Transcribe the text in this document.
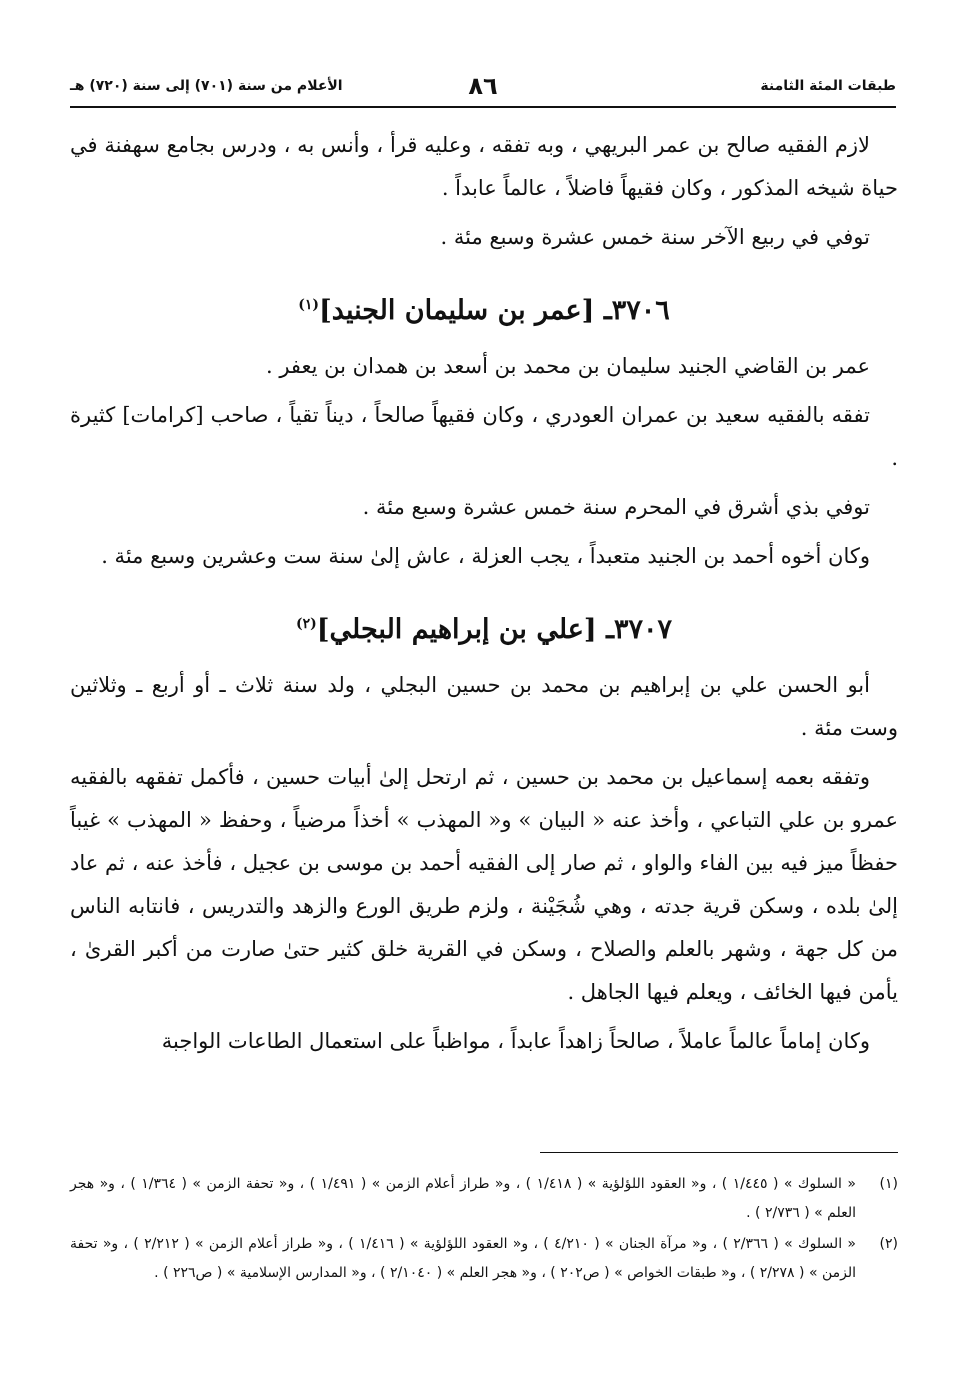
طبقات المئة الثامنة
٨٦
الأعلام من سنة (٧٠١) إلى سنة (٧٢٠) هـ

لازم الفقيه صالح بن عمر البريهي ، وبه تفقه ، وعليه قرأ ، وأنس به ، ودرس بجامع سهفنة في حياة شيخه المذكور ، وكان فقيهاً فاضلاً ، عالماً عابداً .

توفي في ربيع الآخر سنة خمس عشرة وسبع مئة .

٣٧٠٦ـ [عمر بن سليمان الجنيد]$^{(١)}$

عمر بن القاضي الجنيد سليمان بن محمد بن أسعد بن همدان بن يعفر .

تفقه بالفقيه سعيد بن عمران العودري ، وكان فقيهاً صالحاً ، ديناً تقياً ، صاحب [كرامات] كثيرة .

توفي بذي أشرق في المحرم سنة خمس عشرة وسبع مئة .

وكان أخوه أحمد بن الجنيد متعبداً ، يجب العزلة ، عاش إلىٰ سنة ست وعشرين وسبع مئة .

٣٧٠٧ـ [علي بن إبراهيم البجلي]$^{(٢)}$

أبو الحسن علي بن إبراهيم بن محمد بن حسين البجلي ، ولد سنة ثلاث ـ أو أربع ـ وثلاثين وست مئة .

وتفقه بعمه إسماعيل بن محمد بن حسين ، ثم ارتحل إلىٰ أبيات حسين ، فأكمل تفقهه بالفقيه عمرو بن علي التباعي ، وأخذ عنه « البيان » و« المهذب » أخذاً مرضياً ، وحفظ « المهذب » غيباً حفظاً ميز فيه بين الفاء والواو ، ثم صار إلى الفقيه أحمد بن موسى بن عجيل ، فأخذ عنه ، ثم عاد إلىٰ بلده ، وسكن قرية جدته ، وهي شُجَيْنة ، ولزم طريق الورع والزهد والتدريس ، فانتابه الناس من كل جهة ، وشهر بالعلم والصلاح ، وسكن في القرية خلق كثير حتىٰ صارت من أكبر القرىٰ ، يأمن فيها الخائف ، ويعلم فيها الجاهل .

وكان إماماً عالماً عاملاً ، صالحاً زاهداً عابداً ، مواظباً على استعمال الطاعات الواجبة

(١)
« السلوك » ( ١/٤٤٥ ) ، و« العقود اللؤلؤية » ( ١/٤١٨ ) ، و« طراز أعلام الزمن » ( ١/٤٩١ ) ، و« تحفة الزمن » ( ١/٣٦٤ ) ، و« هجر العلم » ( ٢/٧٣٦ ) .
(٢)
« السلوك » ( ٢/٣٦٦ ) ، و« مرآة الجنان » ( ٤/٢١٠ ) ، و« العقود اللؤلؤية » ( ١/٤١٦ ) ، و« طراز أعلام الزمن » ( ٢/٢١٢ ) ، و« تحفة الزمن » ( ٢/٢٧٨ ) ، و« طبقات الخواص » ( ص٢٠٢ ) ، و« هجر العلم » ( ٢/١٠٤٠ ) ، و« المدارس الإسلامية » ( ص٢٢٦ ) .
